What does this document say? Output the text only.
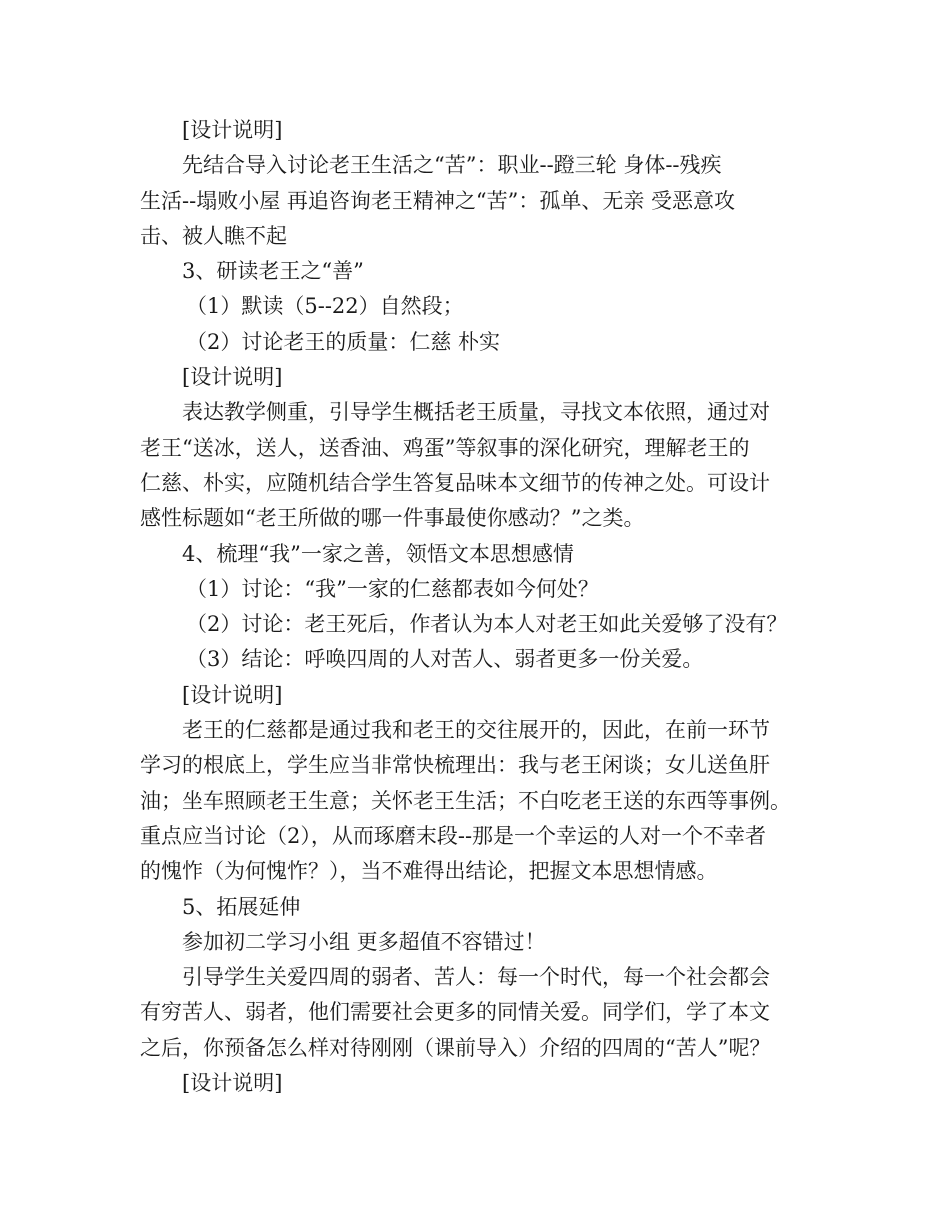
[设计说明]

先结合导入讨论老王生活之“苦”：职业--蹬三轮 身体--残疾
生活--塌败小屋 再追咨询老王精神之“苦”：孤单、无亲 受恶意攻
击、被人瞧不起

3、研读老王之“善”

（1）默读（5--22）自然段；

（2）讨论老王的质量：仁慈 朴实

[设计说明]

表达教学侧重，引导学生概括老王质量，寻找文本依照，通过对
老王“送冰，送人，送香油、鸡蛋”等叙事的深化研究，理解老王的
仁慈、朴实，应随机结合学生答复品味本文细节的传神之处。可设计
感性标题如“老王所做的哪一件事最使你感动？”之类。

4、梳理“我”一家之善，领悟文本思想感情

（1）讨论：“我”一家的仁慈都表如今何处？

（2）讨论：老王死后，作者认为本人对老王如此关爱够了没有？

（3）结论：呼唤四周的人对苦人、弱者更多一份关爱。

[设计说明]

老王的仁慈都是通过我和老王的交往展开的，因此，在前一环节
学习的根底上，学生应当非常快梳理出：我与老王闲谈；女儿送鱼肝
油；坐车照顾老王生意；关怀老王生活；不白吃老王送的东西等事例。
重点应当讨论（2），从而琢磨末段--那是一个幸运的人对一个不幸者
的愧怍（为何愧怍？），当不难得出结论，把握文本思想情感。

5、拓展延伸

参加初二学习小组 更多超值不容错过！

引导学生关爱四周的弱者、苦人：每一个时代，每一个社会都会
有穷苦人、弱者，他们需要社会更多的同情关爱。同学们，学了本文
之后，你预备怎么样对待刚刚（课前导入）介绍的四周的“苦人”呢？

[设计说明]
